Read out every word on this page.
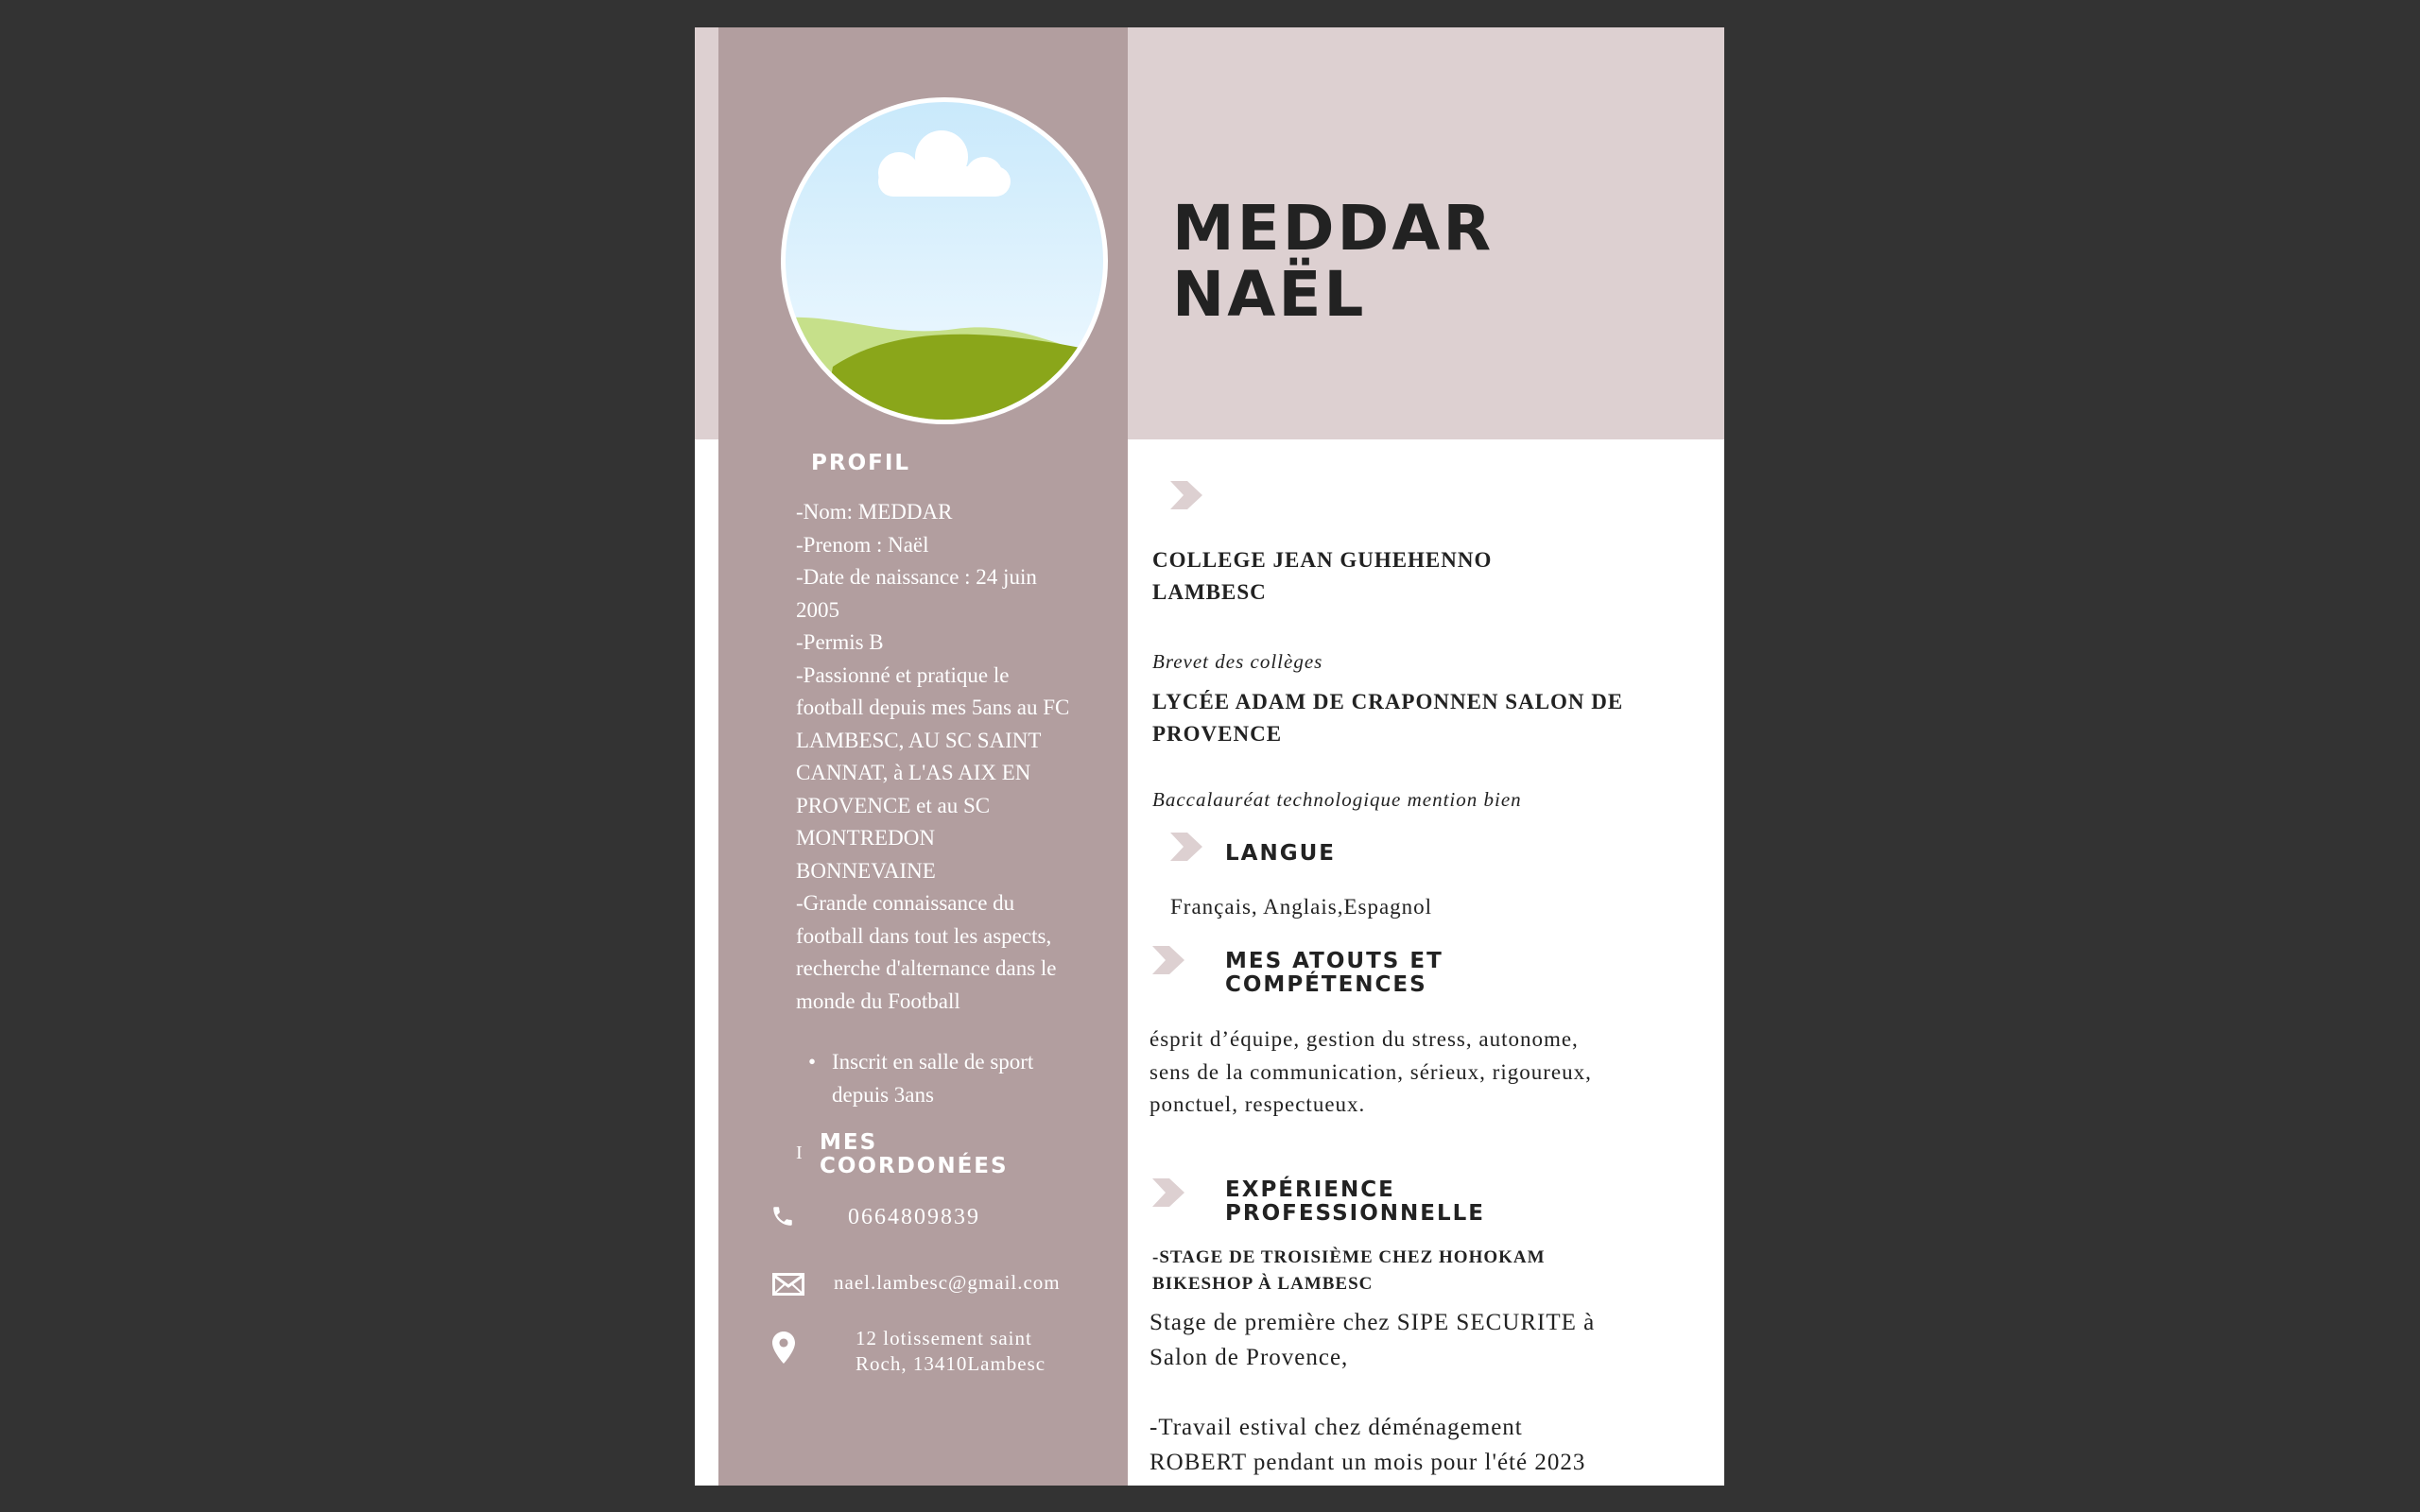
PROFIL
-Nom: MEDDAR
-Prenom : Naël
-Date de naissance : 24 juin 2005
-Permis B
-Passionné et pratique le football depuis mes 5ans au FC LAMBESC, AU SC SAINT CANNAT, à L'AS AIX EN PROVENCE et au SC MONTREDON BONNEVAINE
-Grande connaissance du football dans tout les aspects, recherche d'alternance dans le monde du Football
• Inscrit en salle de sport depuis 3ans
I MES COORDONÉES
0664809839
nael.lambesc@gmail.com
12 lotissement saint Roch, 13410Lambesc
MEDDAR
NAËL
COLLEGE JEAN GUHEHENNO LAMBESC
Brevet des collèges
LYCÉE ADAM DE CRAPONNEN SALON DE PROVENCE
Baccalauréat technologique mention bien
LANGUE
Français, Anglais,Espagnol
MES ATOUTS ET COMPÉTENCES
ésprit d’équipe, gestion du stress, autonome, sens de la communication, sérieux, rigoureux, ponctuel, respectueux.
EXPÉRIENCE PROFESSIONNELLE
-STAGE DE TROISIÈME CHEZ HOHOKAM BIKESHOP À LAMBESC
Stage de première chez SIPE SECURITE à Salon de Provence,

-Travail estival chez déménagement ROBERT pendant un mois pour l'été 2023
